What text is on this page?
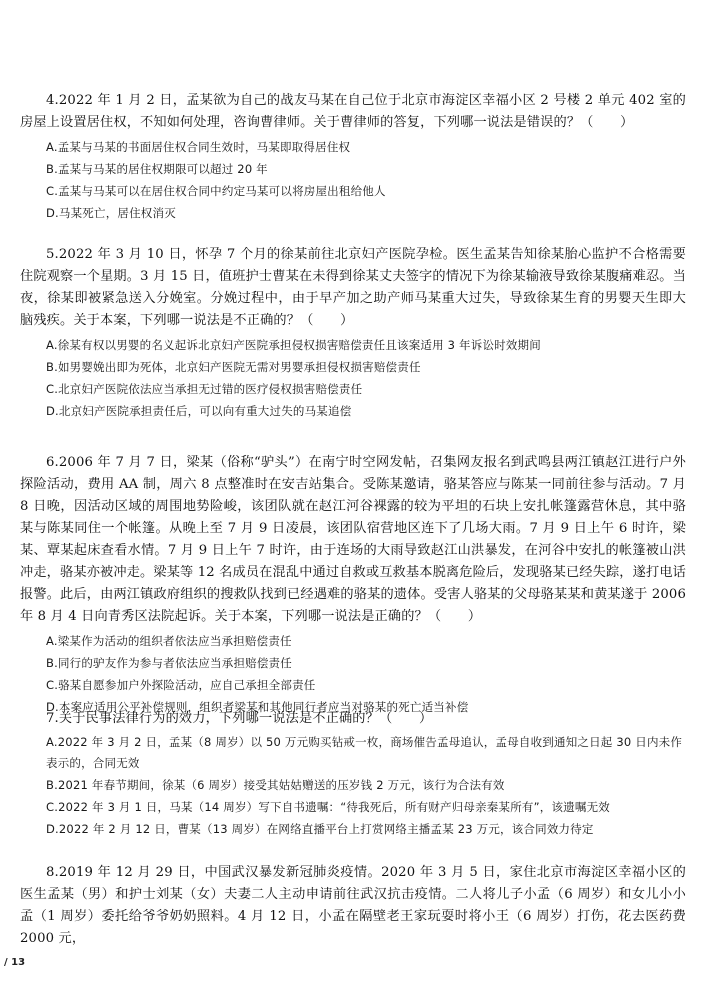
4.2022 年 1 月 2 日，孟某欲为自己的战友马某在自己位于北京市海淀区幸福小区 2 号楼 2 单元 402 室的房屋上设置居住权，不知如何处理，咨询曹律师。关于曹律师的答复，下列哪一说法是错误的？（　　）

A.孟某与马某的书面居住权合同生效时，马某即取得居住权
B.孟某与马某的居住权期限可以超过 20 年
C.孟某与马某可以在居住权合同中约定马某可以将房屋出租给他人
D.马某死亡，居住权消灭

5.2022 年 3 月 10 日，怀孕 7 个月的徐某前往北京妇产医院孕检。医生孟某告知徐某胎心监护不合格需要住院观察一个星期。3 月 15 日，值班护士曹某在未得到徐某丈夫签字的情况下为徐某输液导致徐某腹痛难忍。当夜，徐某即被紧急送入分娩室。分娩过程中，由于早产加之助产师马某重大过失，导致徐某生育的男婴天生即大脑残疾。关于本案，下列哪一说法是不正确的？（　　）

A.徐某有权以男婴的名义起诉北京妇产医院承担侵权损害赔偿责任且该案适用 3 年诉讼时效期间
B.如男婴娩出即为死体，北京妇产医院无需对男婴承担侵权损害赔偿责任
C.北京妇产医院依法应当承担无过错的医疗侵权损害赔偿责任
D.北京妇产医院承担责任后，可以向有重大过失的马某追偿

6.2006 年 7 月 7 日，梁某（俗称“驴头”）在南宁时空网发帖，召集网友报名到武鸣县两江镇赵江进行户外探险活动，费用 AA 制，周六 8 点整准时在安吉站集合。受陈某邀请，骆某答应与陈某一同前往参与活动。7 月 8 日晚，因活动区域的周围地势险峻，该团队就在赵江河谷裸露的较为平坦的石块上安扎帐篷露营休息，其中骆某与陈某同住一个帐篷。从晚上至 7 月 9 日凌晨，该团队宿营地区连下了几场大雨。7 月 9 日上午 6 时许，梁某、覃某起床查看水情。7 月 9 日上午 7 时许，由于连场的大雨导致赵江山洪暴发，在河谷中安扎的帐篷被山洪冲走，骆某亦被冲走。梁某等 12 名成员在混乱中通过自救或互救基本脱离危险后，发现骆某已经失踪，遂打电话报警。此后，由两江镇政府组织的搜救队找到已经遇难的骆某的遗体。受害人骆某的父母骆某某和黄某遂于 2006 年 8 月 4 日向青秀区法院起诉。关于本案，下列哪一说法是正确的？（　　）

A.梁某作为活动的组织者依法应当承担赔偿责任
B.同行的驴友作为参与者依法应当承担赔偿责任
C.骆某自愿参加户外探险活动，应自己承担全部责任
D.本案应适用公平补偿规则，组织者梁某和其他同行者应当对骆某的死亡适当补偿

7.关于民事法律行为的效力，下列哪一说法是不正确的？（　　）

A.2022 年 3 月 2 日，孟某（8 周岁）以 50 万元购买钻戒一枚，商场催告孟母追认，孟母自收到通知之日起 30 日内未作表示的，合同无效
B.2021 年春节期间，徐某（6 周岁）接受其姑姑赠送的压岁钱 2 万元，该行为合法有效
C.2022 年 3 月 1 日，马某（14 周岁）写下自书遗嘱：“待我死后，所有财产归母亲秦某所有”，该遗嘱无效
D.2022 年 2 月 12 日，曹某（13 周岁）在网络直播平台上打赏网络主播孟某 23 万元，该合同效力待定

8.2019 年 12 月 29 日，中国武汉暴发新冠肺炎疫情。2020 年 3 月 5 日，家住北京市海淀区幸福小区的医生孟某（男）和护士刘某（女）夫妻二人主动申请前往武汉抗击疫情。二人将儿子小孟（6 周岁）和女儿小小孟（1 周岁）委托给爷爷奶奶照料。4 月 12 日，小孟在隔壁老王家玩耍时将小王（6 周岁）打伤，花去医药费 2000 元，

/ 13
